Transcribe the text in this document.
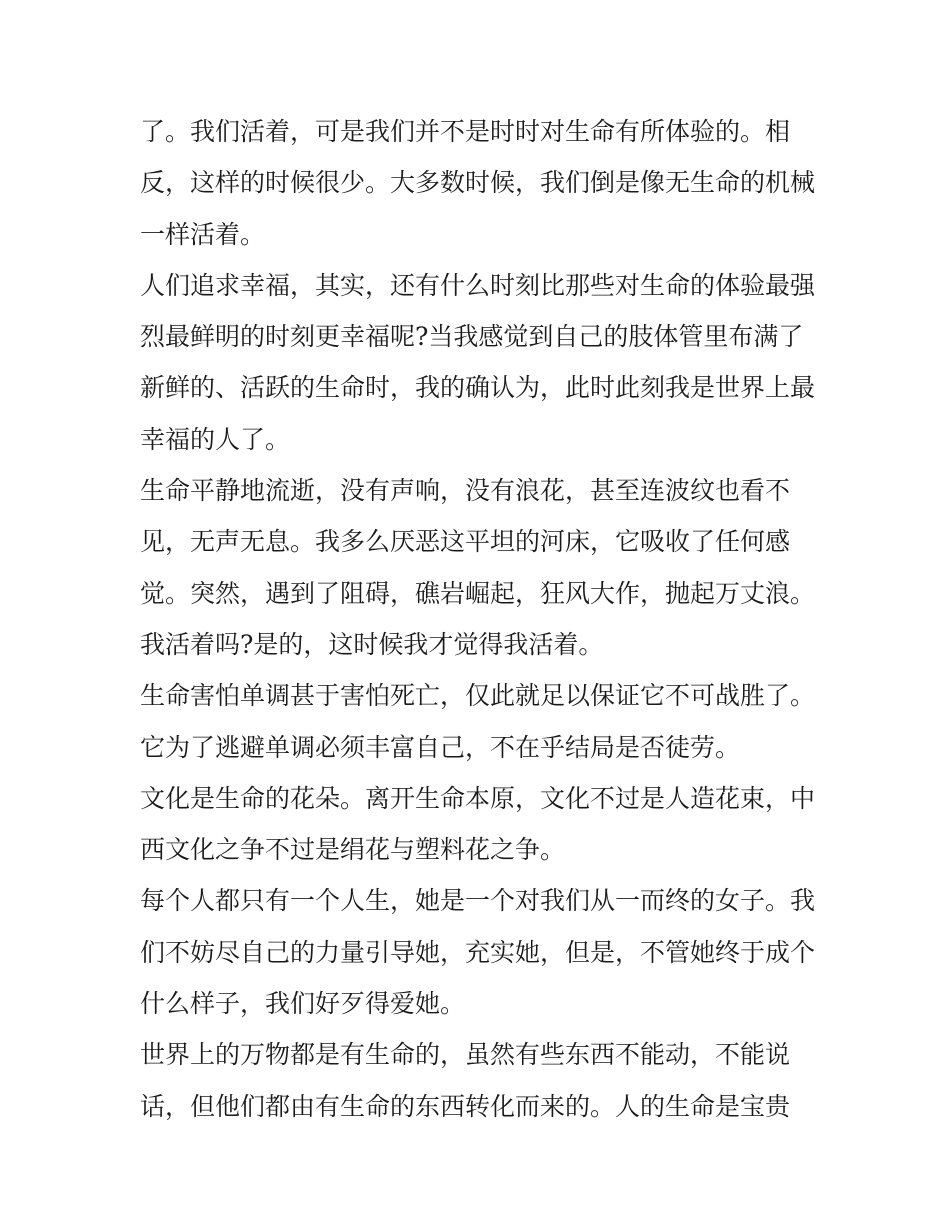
了。我们活着，可是我们并不是时时对生命有所体验的。相
反，这样的时候很少。大多数时候，我们倒是像无生命的机械
一样活着。
人们追求幸福，其实，还有什么时刻比那些对生命的体验最强
烈最鲜明的时刻更幸福呢?当我感觉到自己的肢体管里布满了
新鲜的、活跃的生命时，我的确认为，此时此刻我是世界上最
幸福的人了。
生命平静地流逝，没有声响，没有浪花，甚至连波纹也看不
见，无声无息。我多么厌恶这平坦的河床，它吸收了任何感
觉。突然，遇到了阻碍，礁岩崛起，狂风大作，抛起万丈浪。
我活着吗?是的，这时候我才觉得我活着。
生命害怕单调甚于害怕死亡，仅此就足以保证它不可战胜了。
它为了逃避单调必须丰富自己，不在乎结局是否徒劳。
文化是生命的花朵。离开生命本原，文化不过是人造花束，中
西文化之争不过是绢花与塑料花之争。
每个人都只有一个人生，她是一个对我们从一而终的女子。我
们不妨尽自己的力量引导她，充实她，但是，不管她终于成个
什么样子，我们好歹得爱她。
世界上的万物都是有生命的，虽然有些东西不能动，不能说
话，但他们都由有生命的东西转化而来的。人的生命是宝贵
